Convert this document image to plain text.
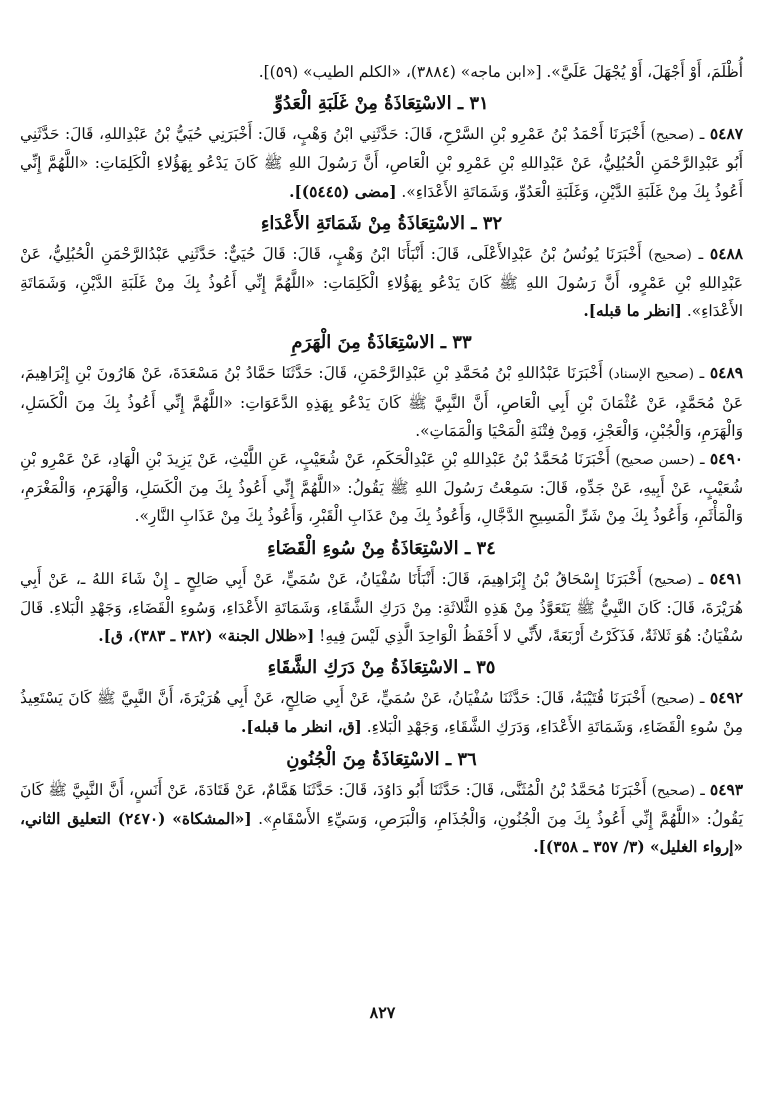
أُظْلَمَ، أَوْ أَجْهَلَ، أَوْ يُجْهَلَ عَلَيَّ». [«ابن ماجه» (٣٨٨٤)، «الكلم الطيب» (٥٩)].

٣١ ـ الاسْتِعَاذَةُ مِنْ غَلَبَةِ الْعَدُوِّ

٥٤٨٧ ـ (صحيح) أَخْبَرَنَا أَحْمَدُ بْنُ عَمْرِو بْنِ السَّرْحِ، قَالَ: حَدَّثَنِي ابْنُ وَهْبٍ، قَالَ: أَخْبَرَنِي حُيَيُّ بْنُ عَبْدِاللهِ، قَالَ: حَدَّثَنِي أَبُو عَبْدِالرَّحْمَنِ الْحُبُلِيُّ، عَنْ عَبْدِاللهِ بْنِ عَمْرِو بْنِ الْعَاصِ، أَنَّ رَسُولَ اللهِ ﷺ كَانَ يَدْعُو بِهَؤُلاءِ الْكَلِمَاتِ: «اللَّهُمَّ إِنِّي أَعُوذُ بِكَ مِنْ غَلَبَةِ الدَّيْنِ، وَغَلَبَةِ الْعَدُوِّ، وَشَمَاتَةِ الأَعْدَاءِ». [مضى (٥٤٤٥)].

٣٢ ـ الاسْتِعَاذَةُ مِنْ شَمَاتَةِ الأَعْدَاءِ

٥٤٨٨ ـ (صحيح) أَخْبَرَنَا يُونُسُ بْنُ عَبْدِالأَعْلَى، قَالَ: أَنْبَأَنَا ابْنُ وَهْبٍ، قَالَ: قَالَ حُيَيٌّ: حَدَّثَنِي عَبْدُالرَّحْمَنِ الْحُبُلِيُّ، عَنْ عَبْدِاللهِ بْنِ عَمْرٍو، أَنَّ رَسُولَ اللهِ ﷺ كَانَ يَدْعُو بِهَؤُلاءِ الْكَلِمَاتِ: «اللَّهُمَّ إِنِّي أَعُوذُ بِكَ مِنْ غَلَبَةِ الدَّيْنِ، وَشَمَاتَةِ الأَعْدَاءِ». [انظر ما قبله].

٣٣ ـ الاسْتِعَاذَةُ مِنَ الْهَرَمِ

٥٤٨٩ ـ (صحيح الإسناد) أَخْبَرَنَا عَبْدُاللهِ بْنُ مُحَمَّدِ بْنِ عَبْدِالرَّحْمَنِ، قَالَ: حَدَّثَنَا حَمَّادُ بْنُ مَسْعَدَةَ، عَنْ هَارُونَ بْنِ إِبْرَاهِيمَ، عَنْ مُحَمَّدٍ، عَنْ عُثْمَانَ بْنِ أَبِي الْعَاصِ، أَنَّ النَّبِيَّ ﷺ كَانَ يَدْعُو بِهَذِهِ الدَّعَوَاتِ: «اللَّهُمَّ إِنِّي أَعُوذُ بِكَ مِنَ الْكَسَلِ، وَالْهَرَمِ، وَالْجُبْنِ، وَالْعَجْزِ، وَمِنْ فِتْنَةِ الْمَحْيَا وَالْمَمَاتِ».

٥٤٩٠ ـ (حسن صحيح) أَخْبَرَنَا مُحَمَّدُ بْنُ عَبْدِاللهِ بْنِ عَبْدِالْحَكَمِ، عَنْ شُعَيْبٍ، عَنِ اللَّيْثِ، عَنْ يَزِيدَ بْنِ الْهَادِ، عَنْ عَمْرِو بْنِ شُعَيْبٍ، عَنْ أَبِيهِ، عَنْ جَدِّهِ، قَالَ: سَمِعْتُ رَسُولَ اللهِ ﷺ يَقُولُ: «اللَّهُمَّ إِنِّي أَعُوذُ بِكَ مِنَ الْكَسَلِ، وَالْهَرَمِ، وَالْمَغْرَمِ، وَالْمَأْثَمِ، وَأَعُوذُ بِكَ مِنْ شَرِّ الْمَسِيحِ الدَّجَّالِ، وَأَعُوذُ بِكَ مِنْ عَذَابِ الْقَبْرِ، وَأَعُوذُ بِكَ مِنْ عَذَابِ النَّارِ».

٣٤ ـ الاسْتِعَاذَةُ مِنْ سُوءِ الْقَضَاءِ

٥٤٩١ ـ (صحيح) أَخْبَرَنَا إِسْحَاقُ بْنُ إِبْرَاهِيمَ، قَالَ: أَنْبَأَنَا سُفْيَانُ، عَنْ سُمَيٍّ، عَنْ أَبِي صَالِحٍ ـ إِنْ شَاءَ اللهُ ـ، عَنْ أَبِي هُرَيْرَةَ، قَالَ: كَانَ النَّبِيُّ ﷺ يَتَعَوَّذُ مِنْ هَذِهِ الثَّلاثَةِ: مِنْ دَرَكِ الشَّقَاءِ، وَشَمَاتَةِ الأَعْدَاءِ، وَسُوءِ الْقَضَاءِ، وَجَهْدِ الْبَلاءِ. قَالَ سُفْيَانُ: هُوَ ثَلاثَةٌ، فَذَكَرْتُ أَرْبَعَةً، لأَنِّي لا أَحْفَظُ الْوَاحِدَ الَّذِي لَيْسَ فِيهِ! [«ظلال الجنة» (٣٨٢ ـ ٣٨٣)، ق].

٣٥ ـ الاسْتِعَاذَةُ مِنْ دَرَكِ الشَّقَاءِ

٥٤٩٢ ـ (صحيح) أَخْبَرَنَا قُتَيْبَةُ، قَالَ: حَدَّثَنَا سُفْيَانُ، عَنْ سُمَيٍّ، عَنْ أَبِي صَالِحٍ، عَنْ أَبِي هُرَيْرَةَ، أَنَّ النَّبِيَّ ﷺ كَانَ يَسْتَعِيذُ مِنْ سُوءِ الْقَضَاءِ، وَشَمَاتَةِ الأَعْدَاءِ، وَدَرَكِ الشَّقَاءِ، وَجَهْدِ الْبَلاءِ. [ق، انظر ما قبله].

٣٦ ـ الاسْتِعَاذَةُ مِنَ الْجُنُونِ

٥٤٩٣ ـ (صحيح) أَخْبَرَنَا مُحَمَّدُ بْنُ الْمُثَنَّى، قَالَ: حَدَّثَنَا أَبُو دَاوُدَ، قَالَ: حَدَّثَنَا هَمَّامٌ، عَنْ قَتَادَةَ، عَنْ أَنَسٍ، أَنَّ النَّبِيَّ ﷺ كَانَ يَقُولُ: «اللَّهُمَّ إِنِّي أَعُوذُ بِكَ مِنَ الْجُنُونِ، وَالْجُذَامِ، وَالْبَرَصِ، وَسَيِّءِ الأَسْقَامِ». [«المشكاة» (٢٤٧٠) التعليق الثاني، «إرواء الغليل» (٣/ ٣٥٧ ـ ٣٥٨)].

٨٢٧
